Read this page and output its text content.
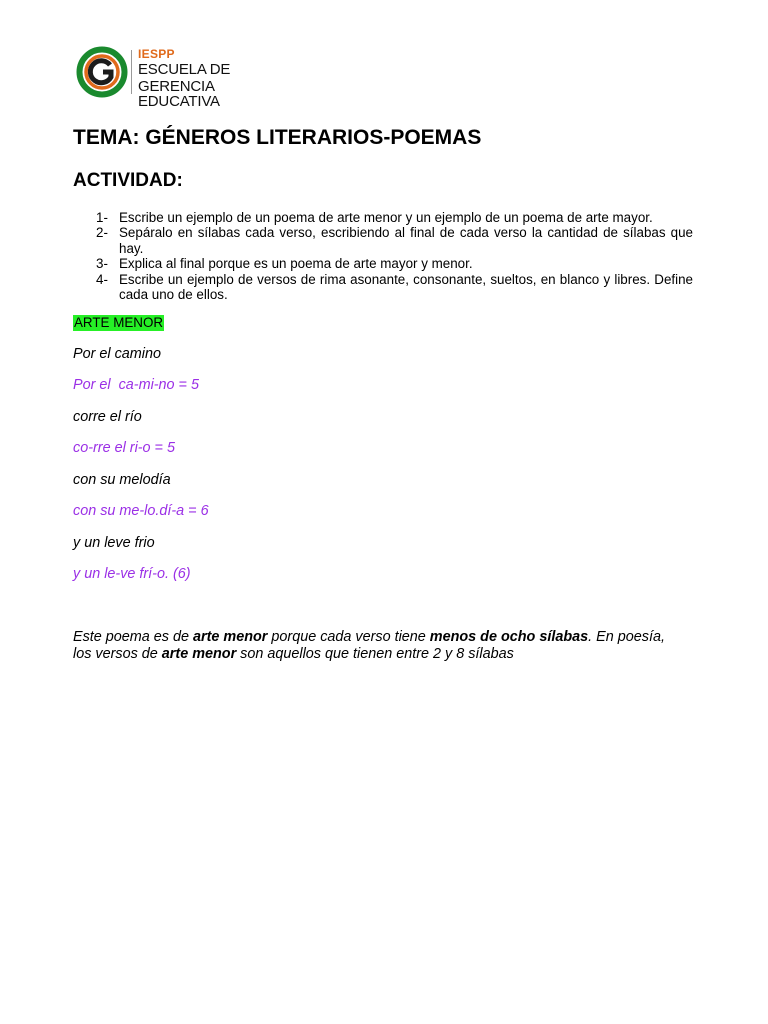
IESPP
ESCUELA DE
GERENCIA EDUCATIVA
TEMA: GÉNEROS LITERARIOS-POEMAS
ACTIVIDAD:
1- Escribe un ejemplo de un poema de arte menor y un ejemplo de un poema de arte mayor.
2- Sepáralo en sílabas cada verso, escribiendo al final de cada verso la cantidad de sílabas que hay.
3- Explica al final porque es un poema de arte mayor y menor.
4- Escribe un ejemplo de versos de rima asonante, consonante, sueltos, en blanco y libres. Define cada uno de ellos.
ARTE MENOR

Por el camino

Por el  ca-mi-no = 5

corre el río

co-rre el ri-o = 5

con su melodía

con su me-lo.dí-a = 6

y un leve frio

y un le-ve frí-o. (6)

Este poema es de arte menor porque cada verso tiene menos de ocho sílabas. En poesía, los versos de arte menor son aquellos que tienen entre 2 y 8 sílabas
